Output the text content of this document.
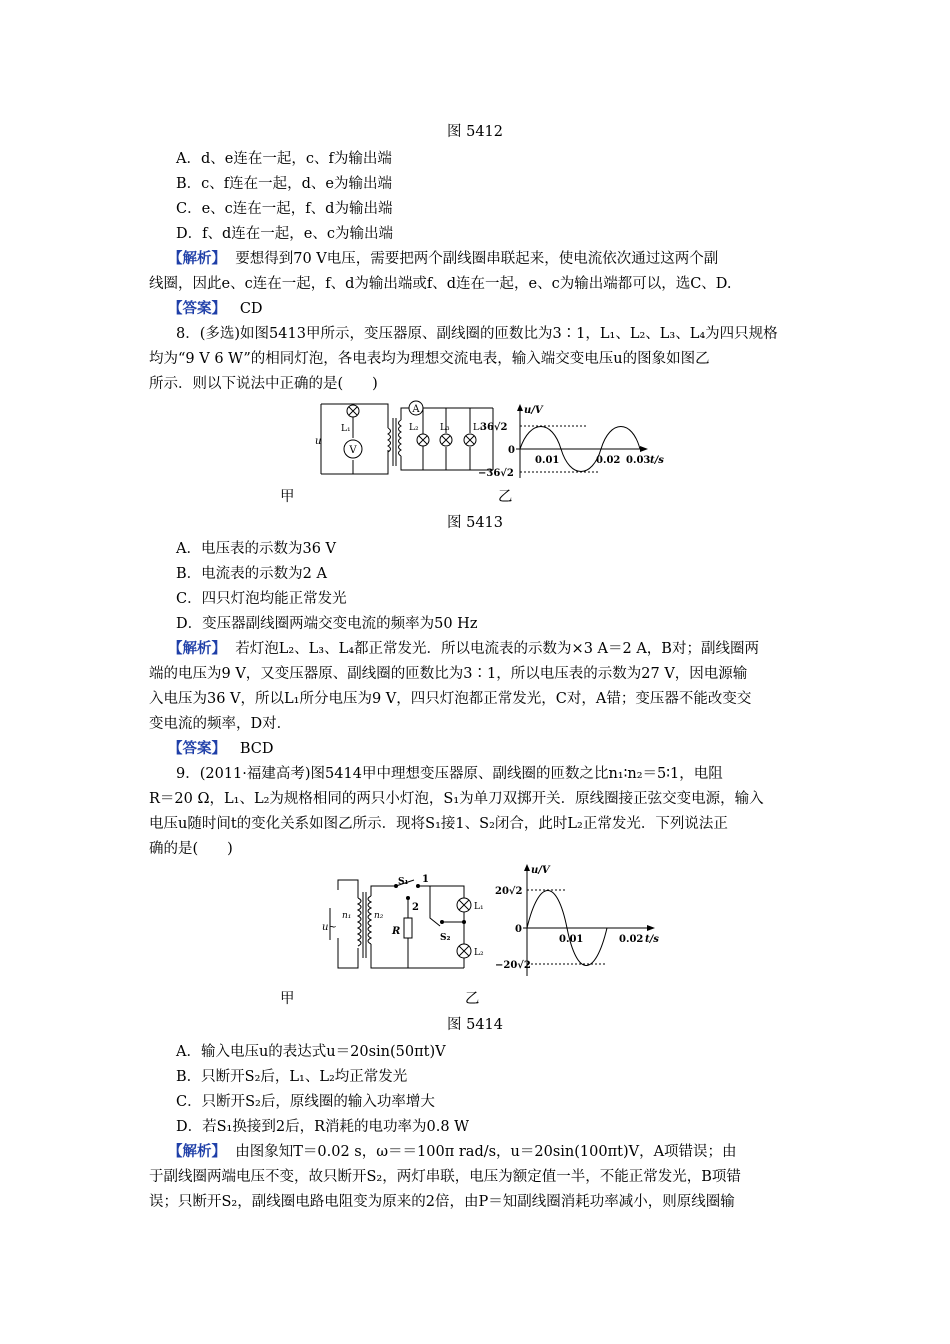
图 5412
A．d、e连在一起，c、f为输出端
B．c、f连在一起，d、e为输出端
C．e、c连在一起，f、d为输出端
D．f、d连在一起，e、c为输出端
【解析】 要想得到70 V电压，需要把两个副线圈串联起来，使电流依次通过这两个副
线圈，因此e、c连在一起，f、d为输出端或f、d连在一起，e、c为输出端都可以，选C、D.
【答案】 CD
8．(多选)如图5413甲所示，变压器原、副线圈的匝数比为3∶1，L₁、L₂、L₃、L₄为四只规格
均为“9 V 6 W”的相同灯泡，各电表均为理想交流电表，输入端交变电压u的图象如图乙
所示．则以下说法中正确的是(　　)
u
L₁
V
A
L₂ L₃	L₄
u/V
36√2
0
−36√2
0.01	0.02 0.03 t/s
甲	乙
图 5413
A．电压表的示数为36 V
B．电流表的示数为2 A
C．四只灯泡均能正常发光
D．变压器副线圈两端交变电流的频率为50 Hz
【解析】 若灯泡L₂、L₃、L₄都正常发光．所以电流表的示数为×3 A＝2 A，B对；副线圈两
端的电压为9 V，又变压器原、副线圈的匝数比为3∶1，所以电压表的示数为27 V，因电源输
入电压为36 V，所以L₁所分电压为9 V，四只灯泡都正常发光，C对，A错；变压器不能改变交
变电流的频率，D对．
【答案】 BCD
9．(2011·福建高考)图5414甲中理想变压器原、副线圈的匝数之比n₁∶n₂＝5∶1，电阻
R＝20 Ω，L₁、L₂为规格相同的两只小灯泡，S₁为单刀双掷开关．原线圈接正弦交变电源，输入
电压u随时间t的变化关系如图乙所示．现将S₁接1、S₂闭合，此时L₂正常发光．下列说法正
确的是(　　)
u~
n₁	n₂
S₁ 1
2
R
S₂
L₁
L₂
u/V
20√2
0
−20√2
0.01	0.02 t/s
甲	乙
图 5414
A．输入电压u的表达式u＝20sin(50πt)V
B．只断开S₂后，L₁、L₂均正常发光
C．只断开S₂后，原线圈的输入功率增大
D．若S₁换接到2后，R消耗的电功率为0.8 W
【解析】 由图象知T＝0.02 s，ω＝＝100π rad/s，u＝20sin(100πt)V，A项错误；由
于副线圈两端电压不变，故只断开S₂，两灯串联，电压为额定值一半，不能正常发光，B项错
误；只断开S₂，副线圈电路电阻变为原来的2倍，由P＝知副线圈消耗功率减小，则原线圈输
